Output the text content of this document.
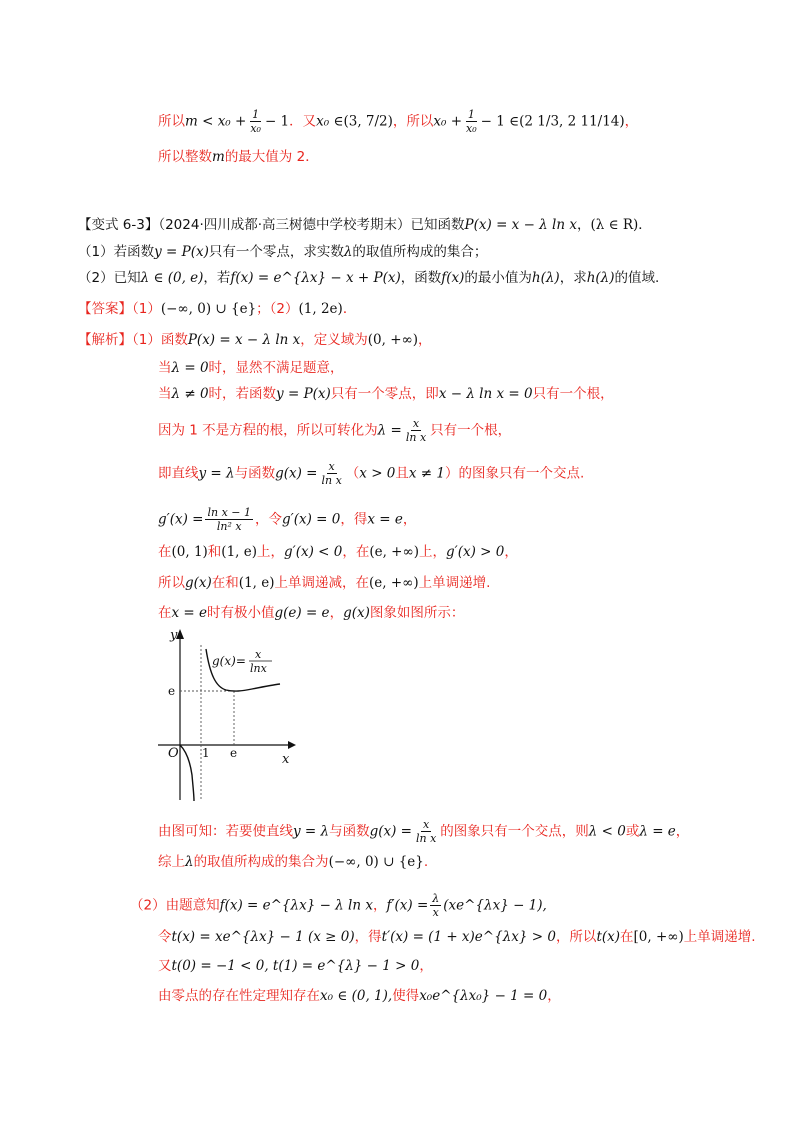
所以$m < x_0 + \frac{1}{\text{x₀}} - 1$．又x₀ ∈(3, 7/2)，所以$x_0 + \frac{1}{\text{x₀}} - 1$ ∈(2 1/3, 2 11/14)，
所以整数m的最大值为 2．
【变式 6-3】（2024·四川成都·高三树德中学校考期末）已知函数P(x) = x − λ ln x，(λ ∈ R)．
（1）若函数y = P(x)只有一个零点，求实数λ的取值所构成的集合；
（2）已知λ ∈ (0, e)，若f(x) = e^{λx} − x + P(x)，函数f(x)的最小值为h(λ)，求h(λ)的值域.
【答案】（1）(−∞, 0) ∪ {e}；（2）(1, 2e)．
【解析】（1）函数P(x) = x − λ ln x，定义域为(0, +∞)，
当λ = 0时，显然不满足题意，
当λ ≠ 0时，若函数y = P(x)只有一个零点，即x − λ ln x = 0只有一个根，
因为 1 不是方程的根，所以可转化为$\lambda = \frac{x}{\text{ln x}}$ 只有一个根，
即直线y = λ与函数$g(x) = \frac{x}{\text{ln x}} (x > 0$且x ≠ 1）的图象只有一个交点.
$g'(x) = \frac{\text{ln x − 1}}{\text{ln² x}}$ ，令g′(x) = 0，得x = e，
在(0, 1)和(1, e)上，g′(x) < 0，在(e, +∞)上，g′(x) > 0，
所以g(x)在和(1, e)上单调递减，在(e, +∞)上单调递增.
在x = e时有极小值g(e) = e，g(x)图象如图所示：
y
x
O 1 e
e
g(x)= x
lnx
由图可知：若要使直线y = λ与函数$g(x) = \frac{x}{\text{ln x}}$ 的图象只有一个交点，则λ < 0或λ = e，
综上λ的取值所构成的集合为(−∞, 0) ∪ {e}.
（2）由题意知f(x) = e^{λx} − λ ln x，$f'(x) = \frac{\lambda}{x}$ (xe^{λx} − 1),
令t(x) = xe^{λx} − 1 (x ≥ 0)，得t′(x) = (1 + x)e^{λx} > 0，所以t(x)在[0, +∞)上单调递增.
又t(0) = −1 < 0, t(1) = e^{λ} − 1 > 0，
由零点的存在性定理知存在x₀ ∈ (0, 1),使得x₀e^{λx₀} − 1 = 0，
